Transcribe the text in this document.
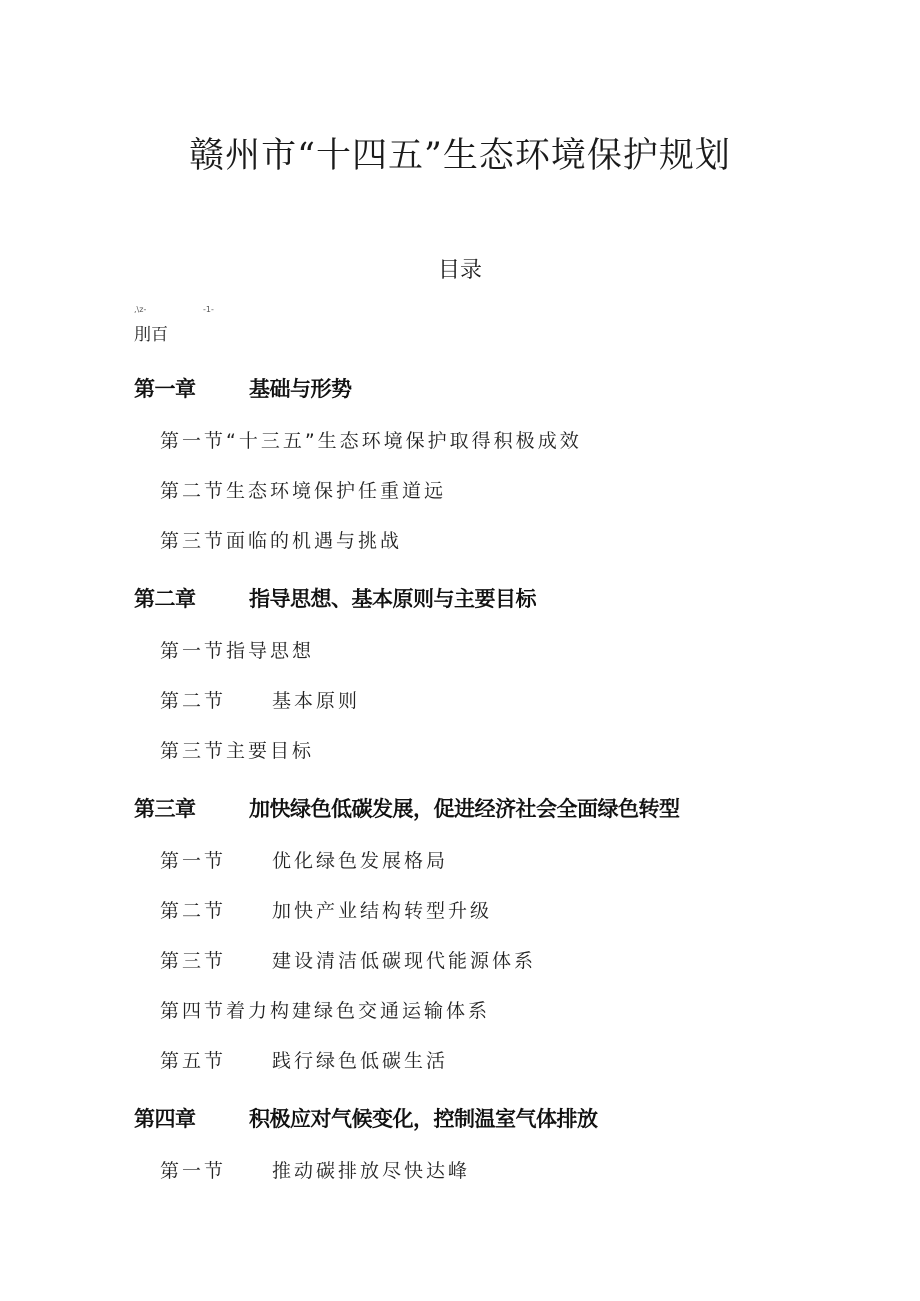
赣州市“十四五”生态环境保护规划
目录
,\z-	-1-
刖百
第一章	基础与形势
第一节“十三五”生态环境保护取得积极成效
第二节生态环境保护任重道远
第三节面临的机遇与挑战
第二章	指导思想、基本原则与主要目标
第一节指导思想
第二节 基本原则
第三节主要目标
第三章	加快绿色低碳发展，促进经济社会全面绿色转型
第一节 优化绿色发展格局
第二节 加快产业结构转型升级
第三节 建设清洁低碳现代能源体系
第四节着力构建绿色交通运输体系
第五节 践行绿色低碳生活
第四章	积极应对气候变化，控制温室气体排放
第一节 推动碳排放尽快达峰
